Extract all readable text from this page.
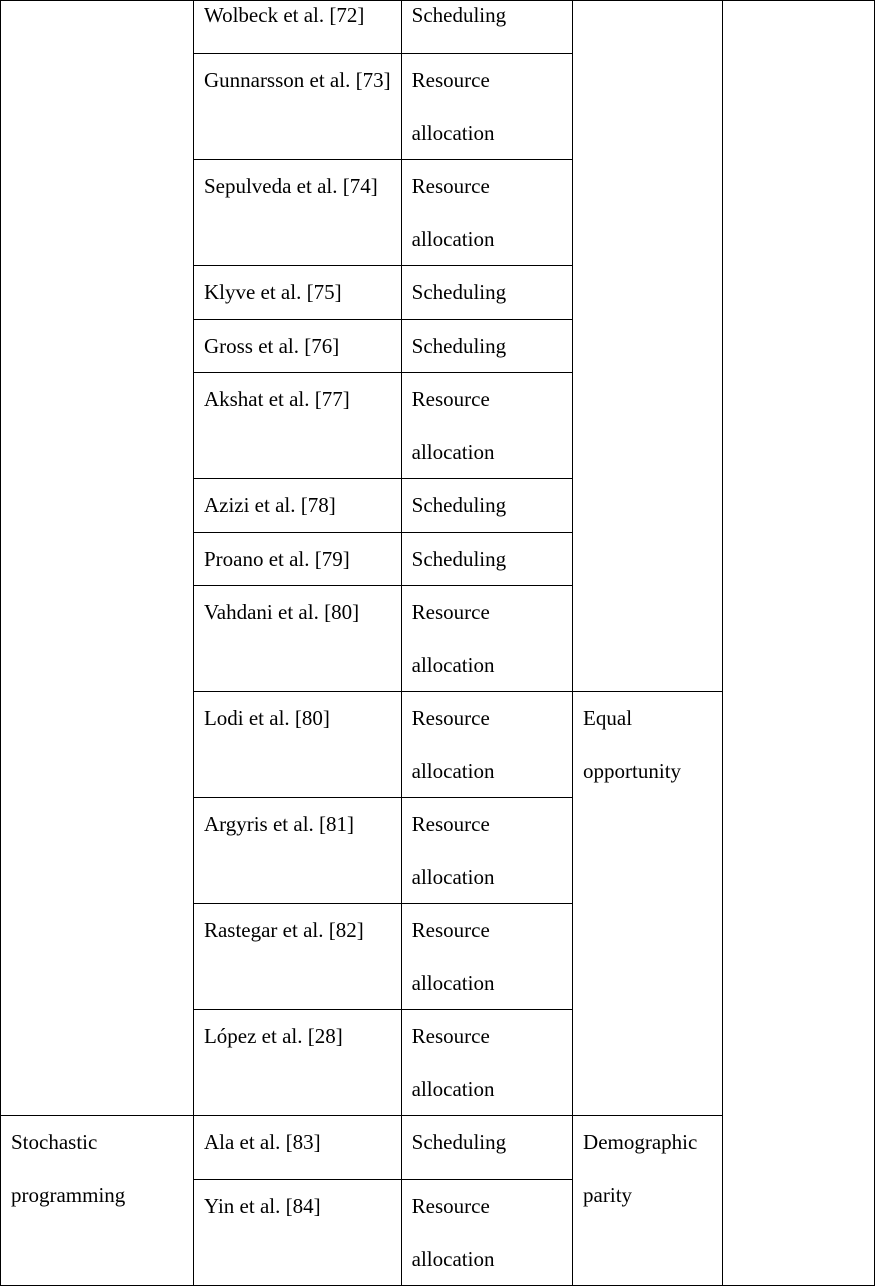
	Wolbeck et al. [72]	Scheduling		
	Gunnarsson et al. [73]	Resource allocation		
	Sepulveda et al. [74]	Resource allocation		
	Klyve et al. [75]	Scheduling		
	Gross et al. [76]	Scheduling		
	Akshat et al. [77]	Resource allocation		
	Azizi et al. [78]	Scheduling		
	Proano et al. [79]	Scheduling		
	Vahdani et al. [80]	Resource allocation		
	Lodi et al. [80]	Resource allocation	Equal opportunity	
	Argyris et al. [81]	Resource allocation		
	Rastegar et al. [82]	Resource allocation		
	López et al. [28]	Resource allocation		
Stochastic programming	Ala et al. [83]	Scheduling	Demographic parity	
	Yin et al. [84]	Resource allocation		
